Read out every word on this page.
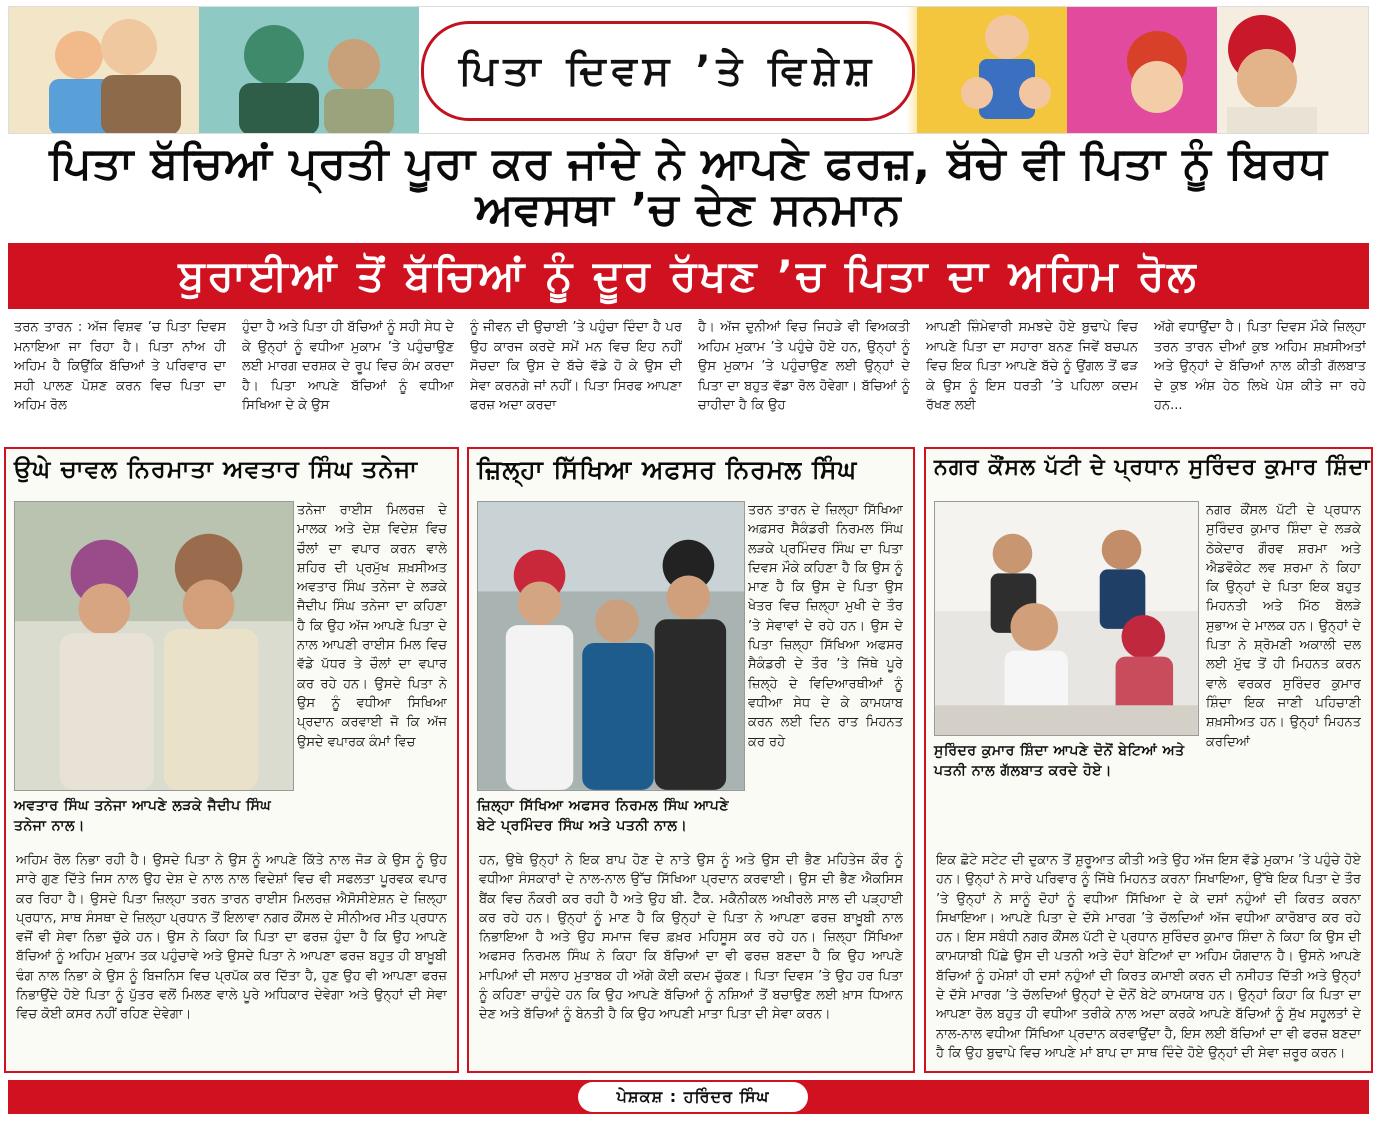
ਪਿਤਾ ਦਿਵਸ ’ਤੇ ਵਿਸ਼ੇਸ਼
ਪਿਤਾ ਬੱਚਿਆਂ ਪ੍ਰਤੀ ਪੂਰਾ ਕਰ ਜਾਂਦੇ ਨੇ ਆਪਣੇ ਫਰਜ਼, ਬੱਚੇ ਵੀ ਪਿਤਾ ਨੂੰ ਬਿਰਧ ਅਵਸਥਾ ’ਚ ਦੇਣ ਸਨਮਾਨ
ਬੁਰਾਈਆਂ ਤੋਂ ਬੱਚਿਆਂ ਨੂੰ ਦੂਰ ਰੱਖਣ ’ਚ ਪਿਤਾ ਦਾ ਅਹਿਮ ਰੋਲ

ਤਰਨ ਤਾਰਨ : ਅੱਜ ਵਿਸ਼ਵ ’ਚ ਪਿਤਾ ਦਿਵਸ ਮਨਾਇਆ ਜਾ ਰਿਹਾ ਹੈ। ਪਿਤਾ ਨਾਂਅ ਹੀ ਅਹਿਮ ਹੈ ਕਿਉਂਕਿ ਬੱਚਿਆਂ ਤੇ ਪਰਿਵਾਰ ਦਾ ਸਹੀ ਪਾਲਣ ਪੋਸ਼ਣ ਕਰਨ ਵਿਚ ਪਿਤਾ ਦਾ ਅਹਿਮ ਰੋਲ

ਹੁੰਦਾ ਹੈ ਅਤੇ ਪਿਤਾ ਹੀ ਬੱਚਿਆਂ ਨੂੰ ਸਹੀ ਸੇਧ ਦੇ ਕੇ ਉਨ੍ਹਾਂ ਨੂੰ ਵਧੀਆ ਮੁਕਾਮ ’ਤੇ ਪਹੁੰਚਾਉਣ ਲਈ ਮਾਰਗ ਦਰਸ਼ਕ ਦੇ ਰੂਪ ਵਿਚ ਕੰਮ ਕਰਦਾ ਹੈ। ਪਿਤਾ ਆਪਣੇ ਬੱਚਿਆਂ ਨੂੰ ਵਧੀਆ ਸਿਖਿਆ ਦੇ ਕੇ ਉਸ

ਨੂੰ ਜੀਵਨ ਦੀ ਉਚਾਈ ’ਤੇ ਪਹੁੰਚਾ ਦਿੰਦਾ ਹੈ ਪਰ ਉਹ ਕਾਰਜ ਕਰਦੇ ਸਮੇਂ ਮਨ ਵਿਚ ਇਹ ਨਹੀਂ ਸੋਚਦਾ ਕਿ ਉਸ ਦੇ ਬੱਚੇ ਵੱਡੇ ਹੋ ਕੇ ਉਸ ਦੀ ਸੇਵਾ ਕਰਨਗੇ ਜਾਂ ਨਹੀਂ। ਪਿਤਾ ਸਿਰਫ ਆਪਣਾ ਫਰਜ਼ ਅਦਾ ਕਰਦਾ

ਹੈ। ਅੱਜ ਦੁਨੀਆਂ ਵਿਚ ਜਿਹੜੇ ਵੀ ਵਿਅਕਤੀ ਅਹਿਮ ਮੁਕਾਮ ’ਤੇ ਪਹੁੰਚੇ ਹੋਏ ਹਨ, ਉਨ੍ਹਾਂ ਨੂੰ ਉਸ ਮੁਕਾਮ ’ਤੇ ਪਹੁੰਚਾਉਣ ਲਈ ਉਨ੍ਹਾਂ ਦੇ ਪਿਤਾ ਦਾ ਬਹੁਤ ਵੱਡਾ ਰੋਲ ਹੋਵੇਗਾ। ਬੱਚਿਆਂ ਨੂੰ ਚਾਹੀਦਾ ਹੈ ਕਿ ਉਹ

ਆਪਣੀ ਜ਼ਿੰਮੇਵਾਰੀ ਸਮਝਦੇ ਹੋਏ ਬੁਢਾਪੇ ਵਿਚ ਆਪਣੇ ਪਿਤਾ ਦਾ ਸਹਾਰਾ ਬਨਣ ਜਿਵੇਂ ਬਚਪਨ ਵਿਚ ਇਕ ਪਿਤਾ ਆਪਣੇ ਬੱਚੇ ਨੂੰ ਉਂਗਲ ਤੋਂ ਫੜ ਕੇ ਉਸ ਨੂੰ ਇਸ ਧਰਤੀ ’ਤੇ ਪਹਿਲਾ ਕਦਮ ਰੱਖਣ ਲਈ

ਅੱਗੇ ਵਧਾਉਂਦਾ ਹੈ। ਪਿਤਾ ਦਿਵਸ ਮੌਕੇ ਜ਼ਿਲ੍ਹਾ ਤਰਨ ਤਾਰਨ ਦੀਆਂ ਕੁਝ ਅਹਿਮ ਸ਼ਖ਼ਸੀਅਤਾਂ ਅਤੇ ਉਨ੍ਹਾਂ ਦੇ ਬੱਚਿਆਂ ਨਾਲ ਕੀਤੀ ਗੱਲਬਾਤ ਦੇ ਕੁਝ ਅੰਸ਼ ਹੇਠ ਲਿਖੇ ਪੇਸ਼ ਕੀਤੇ ਜਾ ਰਹੇ ਹਨ...

ਉਘੇ ਚਾਵਲ ਨਿਰਮਾਤਾ ਅਵਤਾਰ ਸਿੰਘ ਤਨੇਜਾ
ਅਵਤਾਰ ਸਿੰਘ ਤਨੇਜਾ ਆਪਣੇ ਲੜਕੇ ਜੈਦੀਪ ਸਿੰਘ ਤਨੇਜਾ ਨਾਲ।
ਤਨੇਜਾ ਰਾਈਸ ਮਿਲਰਜ਼ ਦੇ ਮਾਲਕ ਅਤੇ ਦੇਸ਼ ਵਿਦੇਸ਼ ਵਿਚ ਚੌਲਾਂ ਦਾ ਵਪਾਰ ਕਰਨ ਵਾਲੇ ਸ਼ਹਿਰ ਦੀ ਪ੍ਰਮੁੱਖ ਸ਼ਖ਼ਸੀਅਤ ਅਵਤਾਰ ਸਿੰਘ ਤਨੇਜਾ ਦੇ ਲੜਕੇ ਜੈਦੀਪ ਸਿੰਘ ਤਨੇਜਾ ਦਾ ਕਹਿਣਾ ਹੈ ਕਿ ਉਹ ਅੱਜ ਆਪਣੇ ਪਿਤਾ ਦੇ ਨਾਲ ਆਪਣੀ ਰਾਈਸ ਮਿਲ ਵਿਚ ਵੱਡੇ ਪੱਧਰ ਤੇ ਚੌਲਾਂ ਦਾ ਵਪਾਰ ਕਰ ਰਹੇ ਹਨ। ਉਸਦੇ ਪਿਤਾ ਨੇ ਉਸ ਨੂੰ ਵਧੀਆ ਸਿਖਿਆ ਪ੍ਰਦਾਨ ਕਰਵਾਈ ਜੋ ਕਿ ਅੱਜ ਉਸਦੇ ਵਪਾਰਕ ਕੰਮਾਂ ਵਿਚ
ਅਹਿਮ ਰੋਲ ਨਿਭਾ ਰਹੀ ਹੈ। ਉਸਦੇ ਪਿਤਾ ਨੇ ਉਸ ਨੂੰ ਆਪਣੇ ਕਿੱਤੇ ਨਾਲ ਜੋੜ ਕੇ ਉਸ ਨੂੰ ਉਹ ਸਾਰੇ ਗੁਣ ਦਿੱਤੇ ਜਿਸ ਨਾਲ ਉਹ ਦੇਸ਼ ਦੇ ਨਾਲ ਨਾਲ ਵਿਦੇਸ਼ਾਂ ਵਿਚ ਵੀ ਸਫਲਤਾ ਪੂਰਵਕ ਵਪਾਰ ਕਰ ਰਿਹਾ ਹੈ। ਉਸਦੇ ਪਿਤਾ ਜ਼ਿਲ੍ਹਾ ਤਰਨ ਤਾਰਨ ਰਾਈਸ ਮਿਲਰਜ਼ ਐਸੋਸੀਏਸ਼ਨ ਦੇ ਜ਼ਿਲ੍ਹਾ ਪ੍ਰਧਾਨ, ਸਾਥ ਸੰਸਥਾ ਦੇ ਜ਼ਿਲ੍ਹਾ ਪ੍ਰਧਾਨ ਤੋਂ ਇਲਾਵਾ ਨਗਰ ਕੌਂਸਲ ਦੇ ਸੀਨੀਅਰ ਮੀਤ ਪ੍ਰਧਾਨ ਵਜੋਂ ਵੀ ਸੇਵਾ ਨਿਭਾ ਚੁੱਕੇ ਹਨ। ਉਸ ਨੇ ਕਿਹਾ ਕਿ ਪਿਤਾ ਦਾ ਫਰਜ਼ ਹੁੰਦਾ ਹੈ ਕਿ ਉਹ ਆਪਣੇ ਬੱਚਿਆਂ ਨੂੰ ਅਹਿਮ ਮੁਕਾਮ ਤਕ ਪਹੁੰਚਾਵੇ ਅਤੇ ਉਸਦੇ ਪਿਤਾ ਨੇ ਆਪਣਾ ਫਰਜ਼ ਬਹੁਤ ਹੀ ਬਾਖ਼ੂਬੀ ਢੰਗ ਨਾਲ ਨਿਭਾ ਕੇ ਉਸ ਨੂੰ ਬਿਜਨਿਸ ਵਿਚ ਪ੍ਰਪੱਕ ਕਰ ਦਿੱਤਾ ਹੈ, ਹੁਣ ਉਹ ਵੀ ਆਪਣਾ ਫਰਜ਼ ਨਿਭਾਉਂਦੇ ਹੋਏ ਪਿਤਾ ਨੂੰ ਪੁੱਤਰ ਵਲੋਂ ਮਿਲਣ ਵਾਲੇ ਪੂਰੇ ਅਧਿਕਾਰ ਦੇਵੇਗਾ ਅਤੇ ਉਨ੍ਹਾਂ ਦੀ ਸੇਵਾ ਵਿਚ ਕੋਈ ਕਸਰ ਨਹੀਂ ਰਹਿਣ ਦੇਵੇਗਾ।
ਜ਼ਿਲ੍ਹਾ ਸਿੱਖਿਆ ਅਫਸਰ ਨਿਰਮਲ ਸਿੰਘ
ਜ਼ਿਲ੍ਹਾ ਸਿੱਖਿਆ ਅਫਸਰ ਨਿਰਮਲ ਸਿੰਘ ਆਪਣੇ ਬੇਟੇ ਪ੍ਰਮਿੰਦਰ ਸਿੰਘ ਅਤੇ ਪਤਨੀ ਨਾਲ।
ਤਰਨ ਤਾਰਨ ਦੇ ਜ਼ਿਲ੍ਹਾ ਸਿੱਖਿਆ ਅਫ਼ਸਰ ਸੈਕੰਡਰੀ ਨਿਰਮਲ ਸਿੰਘ ਲੜਕੇ ਪ੍ਰਮਿੰਦਰ ਸਿੰਘ ਦਾ ਪਿਤਾ ਦਿਵਸ ਮੌਕੇ ਕਹਿਣਾ ਹੈ ਕਿ ਉਸ ਨੂੰ ਮਾਣ ਹੈ ਕਿ ਉਸ ਦੇ ਪਿਤਾ ਉਸ ਖੇਤਰ ਵਿਚ ਜ਼ਿਲ੍ਹਾ ਮੁਖੀ ਦੇ ਤੌਰ ’ਤੇ ਸੇਵਾਵਾਂ ਦੇ ਰਹੇ ਹਨ। ਉਸ ਦੇ ਪਿਤਾ ਜ਼ਿਲ੍ਹਾ ਸਿੱਖਿਆ ਅਫਸਰ ਸੈਕੰਡਰੀ ਦੇ ਤੌਰ ’ਤੇ ਜਿੱਥੇ ਪੂਰੇ ਜ਼ਿਲ੍ਹੇ ਦੇ ਵਿਦਿਆਰਥੀਆਂ ਨੂੰ ਵਧੀਆ ਸੇਧ ਦੇ ਕੇ ਕਾਮਯਾਬ ਕਰਨ ਲਈ ਦਿਨ ਰਾਤ ਮਿਹਨਤ ਕਰ ਰਹੇ
ਹਨ, ਉਥੇ ਉਨ੍ਹਾਂ ਨੇ ਇਕ ਬਾਪ ਹੋਣ ਦੇ ਨਾਤੇ ਉਸ ਨੂੰ ਅਤੇ ਉਸ ਦੀ ਭੈਣ ਮਹਿਤੇਜ ਕੌਰ ਨੂੰ ਵਧੀਆ ਸੰਸਕਾਰਾਂ ਦੇ ਨਾਲ-ਨਾਲ ਉੱਚ ਸਿੱਖਿਆ ਪ੍ਰਦਾਨ ਕਰਵਾਈ। ਉਸ ਦੀ ਭੈਣ ਐਕਸਿਸ ਬੈਂਕ ਵਿਚ ਨੌਕਰੀ ਕਰ ਰਹੀ ਹੈ ਅਤੇ ਉਹ ਬੀ. ਟੈੱਕ. ਮਕੈਨੀਕਲ ਅਖੀਰਲੇ ਸਾਲ ਦੀ ਪੜ੍ਹਾਈ ਕਰ ਰਹੇ ਹਨ। ਉਨ੍ਹਾਂ ਨੂੰ ਮਾਣ ਹੈ ਕਿ ਉਨ੍ਹਾਂ ਦੇ ਪਿਤਾ ਨੇ ਆਪਣਾ ਫਰਜ਼ ਬਾਖ਼ੂਬੀ ਨਾਲ ਨਿਭਾਇਆ ਹੈ ਅਤੇ ਉਹ ਸਮਾਜ ਵਿਚ ਫ਼ਖ਼ਰ ਮਹਿਸੂਸ ਕਰ ਰਹੇ ਹਨ। ਜ਼ਿਲ੍ਹਾ ਸਿੱਖਿਆ ਅਫਸਰ ਨਿਰਮਲ ਸਿੰਘ ਨੇ ਕਿਹਾ ਕਿ ਬੱਚਿਆਂ ਦਾ ਵੀ ਫਰਜ਼ ਬਣਦਾ ਹੈ ਕਿ ਉਹ ਆਪਣੇ ਮਾਪਿਆਂ ਦੀ ਸਲਾਹ ਮੁਤਾਬਕ ਹੀ ਅੱਗੇ ਕੋਈ ਕਦਮ ਚੁੱਕਣ। ਪਿਤਾ ਦਿਵਸ ’ਤੇ ਉਹ ਹਰ ਪਿਤਾ ਨੂੰ ਕਹਿਣਾ ਚਾਹੁੰਦੇ ਹਨ ਕਿ ਉਹ ਆਪਣੇ ਬੱਚਿਆਂ ਨੂੰ ਨਸ਼ਿਆਂ ਤੋਂ ਬਚਾਉਣ ਲਈ ਖ਼ਾਸ ਧਿਆਨ ਦੇਣ ਅਤੇ ਬੱਚਿਆਂ ਨੂੰ ਬੇਨਤੀ ਹੈ ਕਿ ਉਹ ਆਪਣੀ ਮਾਤਾ ਪਿਤਾ ਦੀ ਸੇਵਾ ਕਰਨ।
ਨਗਰ ਕੌਂਸਲ ਪੱਟੀ ਦੇ ਪ੍ਰਧਾਨ ਸੁਰਿੰਦਰ ਕੁਮਾਰ ਸ਼ਿੰਦਾ
ਸੁਰਿੰਦਰ ਕੁਮਾਰ ਸ਼ਿੰਦਾ ਆਪਣੇ ਦੋਨੋਂ ਬੇਟਿਆਂ ਅਤੇ ਪਤਨੀ ਨਾਲ ਗੱਲਬਾਤ ਕਰਦੇ ਹੋਏ।
ਨਗਰ ਕੌਂਸਲ ਪੱਟੀ ਦੇ ਪ੍ਰਧਾਨ ਸੁਰਿੰਦਰ ਕੁਮਾਰ ਸ਼ਿੰਦਾ ਦੇ ਲੜਕੇ ਠੇਕੇਦਾਰ ਗੌਰਵ ਸ਼ਰਮਾ ਅਤੇ ਐਡਵੋਕੇਟ ਲਵ ਸ਼ਰਮਾ ਨੇ ਕਿਹਾ ਕਿ ਉਨ੍ਹਾਂ ਦੇ ਪਿਤਾ ਇਕ ਬਹੁਤ ਮਿਹਨਤੀ ਅਤੇ ਮਿੱਠ ਬੋਲੜੇ ਸੁਭਾਅ ਦੇ ਮਾਲਕ ਹਨ। ਉਨ੍ਹਾਂ ਦੇ ਪਿਤਾ ਨੇ ਸ਼੍ਰੋਮਣੀ ਅਕਾਲੀ ਦਲ ਲਈ ਮੁੱਢ ਤੋਂ ਹੀ ਮਿਹਨਤ ਕਰਨ ਵਾਲੇ ਵਰਕਰ ਸੁਰਿੰਦਰ ਕੁਮਾਰ ਸ਼ਿੰਦਾ ਇਕ ਜਾਣੀ ਪਹਿਚਾਣੀ ਸ਼ਖ਼ਸੀਅਤ ਹਨ। ਉਨ੍ਹਾਂ ਮਿਹਨਤ ਕਰਦਿਆਂ
ਇਕ ਛੋਟੇ ਸਟੇਟ ਦੀ ਦੁਕਾਨ ਤੋਂ ਸ਼ੁਰੂਆਤ ਕੀਤੀ ਅਤੇ ਉਹ ਅੱਜ ਇਸ ਵੱਡੇ ਮੁਕਾਮ ’ਤੇ ਪਹੁੰਚੇ ਹੋਏ ਹਨ। ਉਨ੍ਹਾਂ ਨੇ ਸਾਰੇ ਪਰਿਵਾਰ ਨੂੰ ਜਿੱਥੇ ਮਿਹਨਤ ਕਰਨਾ ਸਿਖਾਇਆ, ਉੱਥੇ ਇਕ ਪਿਤਾ ਦੇ ਤੌਰ ’ਤੇ ਉਨ੍ਹਾਂ ਨੇ ਸਾਨੂੰ ਦੋਹਾਂ ਨੂੰ ਵਧੀਆ ਸਿੱਖਿਆ ਦੇ ਕੇ ਦਸਾਂ ਨਹੁੰਆਂ ਦੀ ਕਿਰਤ ਕਰਨਾ ਸਿਖਾਇਆ। ਆਪਣੇ ਪਿਤਾ ਦੇ ਦੱਸੇ ਮਾਰਗ ’ਤੇ ਚੱਲਦਿਆਂ ਅੱਜ ਵਧੀਆ ਕਾਰੋਬਾਰ ਕਰ ਰਹੇ ਹਨ। ਇਸ ਸਬੰਧੀ ਨਗਰ ਕੌਂਸਲ ਪੱਟੀ ਦੇ ਪ੍ਰਧਾਨ ਸੁਰਿੰਦਰ ਕੁਮਾਰ ਸ਼ਿੰਦਾ ਨੇ ਕਿਹਾ ਕਿ ਉਸ ਦੀ ਕਾਮਯਾਬੀ ਪਿੱਛੇ ਉਸ ਦੀ ਪਤਨੀ ਅਤੇ ਦੋਹਾਂ ਬੇਟਿਆਂ ਦਾ ਅਹਿਮ ਯੋਗਦਾਨ ਹੈ। ਉਸਨੇ ਆਪਣੇ ਬੱਚਿਆਂ ਨੂੰ ਹਮੇਸ਼ਾਂ ਹੀ ਦਸਾਂ ਨਹੁੰਆਂ ਦੀ ਕਿਰਤ ਕਮਾਈ ਕਰਨ ਦੀ ਨਸੀਹਤ ਦਿੱਤੀ ਅਤੇ ਉਨ੍ਹਾਂ ਦੇ ਦੱਸੇ ਮਾਰਗ ’ਤੇ ਚੱਲਦਿਆਂ ਉਨ੍ਹਾਂ ਦੇ ਦੋਨੋਂ ਬੇਟੇ ਕਾਮਯਾਬ ਹਨ। ਉਨ੍ਹਾਂ ਕਿਹਾ ਕਿ ਪਿਤਾ ਦਾ ਆਪਣਾ ਰੋਲ ਬਹੁਤ ਹੀ ਵਧੀਆ ਤਰੀਕੇ ਨਾਲ ਅਦਾ ਕਰਕੇ ਆਪਣੇ ਬੱਚਿਆਂ ਨੂੰ ਸੁੱਖ ਸਹੂਲਤਾਂ ਦੇ ਨਾਲ-ਨਾਲ ਵਧੀਆ ਸਿੱਖਿਆ ਪ੍ਰਦਾਨ ਕਰਵਾਉਂਦਾ ਹੈ, ਇਸ ਲਈ ਬੱਚਿਆਂ ਦਾ ਵੀ ਫਰਜ਼ ਬਣਦਾ ਹੈ ਕਿ ਉਹ ਬੁਢਾਪੇ ਵਿਚ ਆਪਣੇ ਮਾਂ ਬਾਪ ਦਾ ਸਾਥ ਦਿੰਦੇ ਹੋਏ ਉਨ੍ਹਾਂ ਦੀ ਸੇਵਾ ਜ਼ਰੂਰ ਕਰਨ।
ਪੇਸ਼ਕਸ਼ : ਹਰਿੰਦਰ ਸਿੰਘ
